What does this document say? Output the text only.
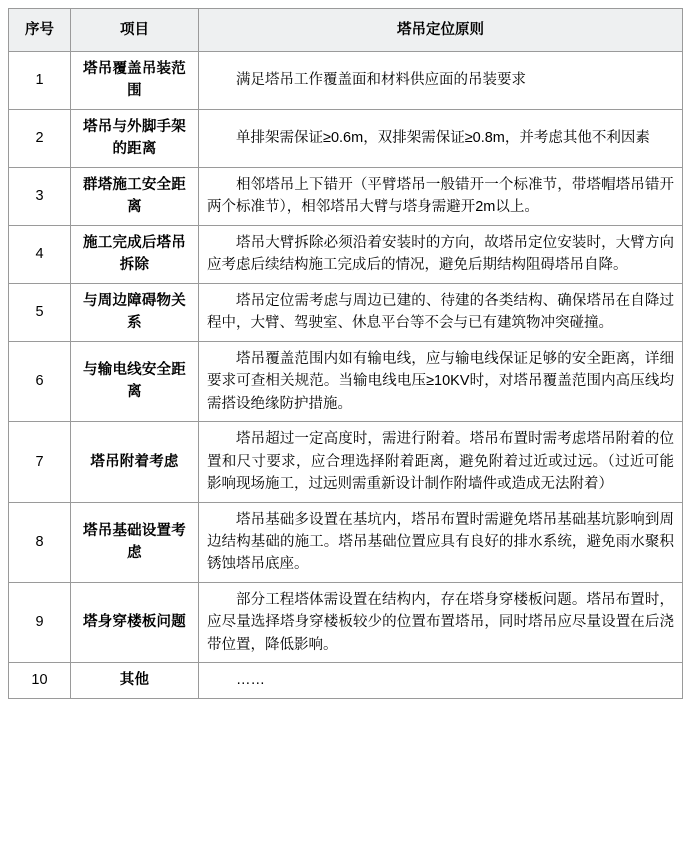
序号	项目	塔吊定位原则
1	塔吊覆盖吊装范围	满足塔吊工作覆盖面和材料供应面的吊装要求
2	塔吊与外脚手架的距离	单排架需保证≥0.6m，双排架需保证≥0.8m，并考虑其他不利因素
3	群塔施工安全距离	相邻塔吊上下错开（平臂塔吊一般错开一个标准节，带塔帽塔吊错开两个标准节），相邻塔吊大臂与塔身需避开2m以上。
4	施工完成后塔吊拆除	塔吊大臂拆除必须沿着安装时的方向，故塔吊定位安装时，大臂方向应考虑后续结构施工完成后的情况，避免后期结构阻碍塔吊自降。
5	与周边障碍物关系	塔吊定位需考虑与周边已建的、待建的各类结构、确保塔吊在自降过程中，大臂、驾驶室、休息平台等不会与已有建筑物冲突碰撞。
6	与输电线安全距离	塔吊覆盖范围内如有输电线，应与输电线保证足够的安全距离，详细要求可查相关规范。当输电线电压≥10KV时，对塔吊覆盖范围内高压线均需搭设绝缘防护措施。
7	塔吊附着考虑	塔吊超过一定高度时，需进行附着。塔吊布置时需考虑塔吊附着的位置和尺寸要求，应合理选择附着距离，避免附着过近或过远。（过近可能影响现场施工，过远则需重新设计制作附墙件或造成无法附着）
8	塔吊基础设置考虑	塔吊基础多设置在基坑内，塔吊布置时需避免塔吊基础基坑影响到周边结构基础的施工。塔吊基础位置应具有良好的排水系统，避免雨水聚积锈蚀塔吊底座。
9	塔身穿楼板问题	部分工程塔体需设置在结构内，存在塔身穿楼板问题。塔吊布置时，应尽量选择塔身穿楼板较少的位置布置塔吊，同时塔吊应尽量设置在后浇带位置，降低影响。
10	其他	……
